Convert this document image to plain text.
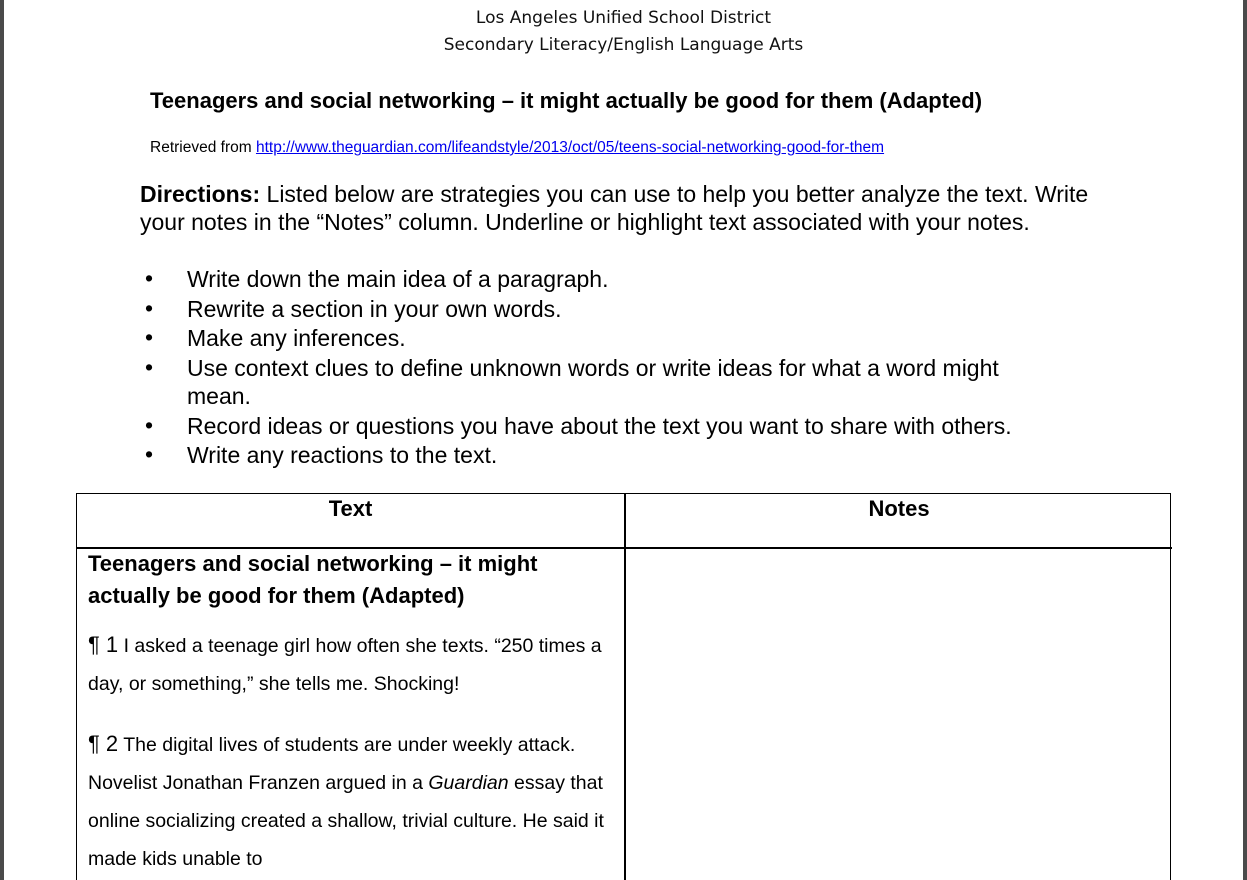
Los Angeles Unified School District
Secondary Literacy/English Language Arts
Teenagers and social networking – it might actually be good for them (Adapted)
Retrieved from http://www.theguardian.com/lifeandstyle/2013/oct/05/teens-social-networking-good-for-them
Directions: Listed below are strategies you can use to help you better analyze the text. Write your notes in the “Notes” column. Underline or highlight text associated with your notes.
• Write down the main idea of a paragraph.
• Rewrite a section in your own words.
• Make any inferences.
• Use context clues to define unknown words or write ideas for what a word might mean.
• Record ideas or questions you have about the text you want to share with others.
• Write any reactions to the text.
Text	Notes
Teenagers and social networking – it might actually be good for them (Adapted)
¶ 1 I asked a teenage girl how often she texts. “250 times a day, or something,” she tells me. Shocking!
¶ 2 The digital lives of students are under weekly attack. Novelist Jonathan Franzen argued in a Guardian essay that online socializing created a shallow, trivial culture. He said it made kids unable to
